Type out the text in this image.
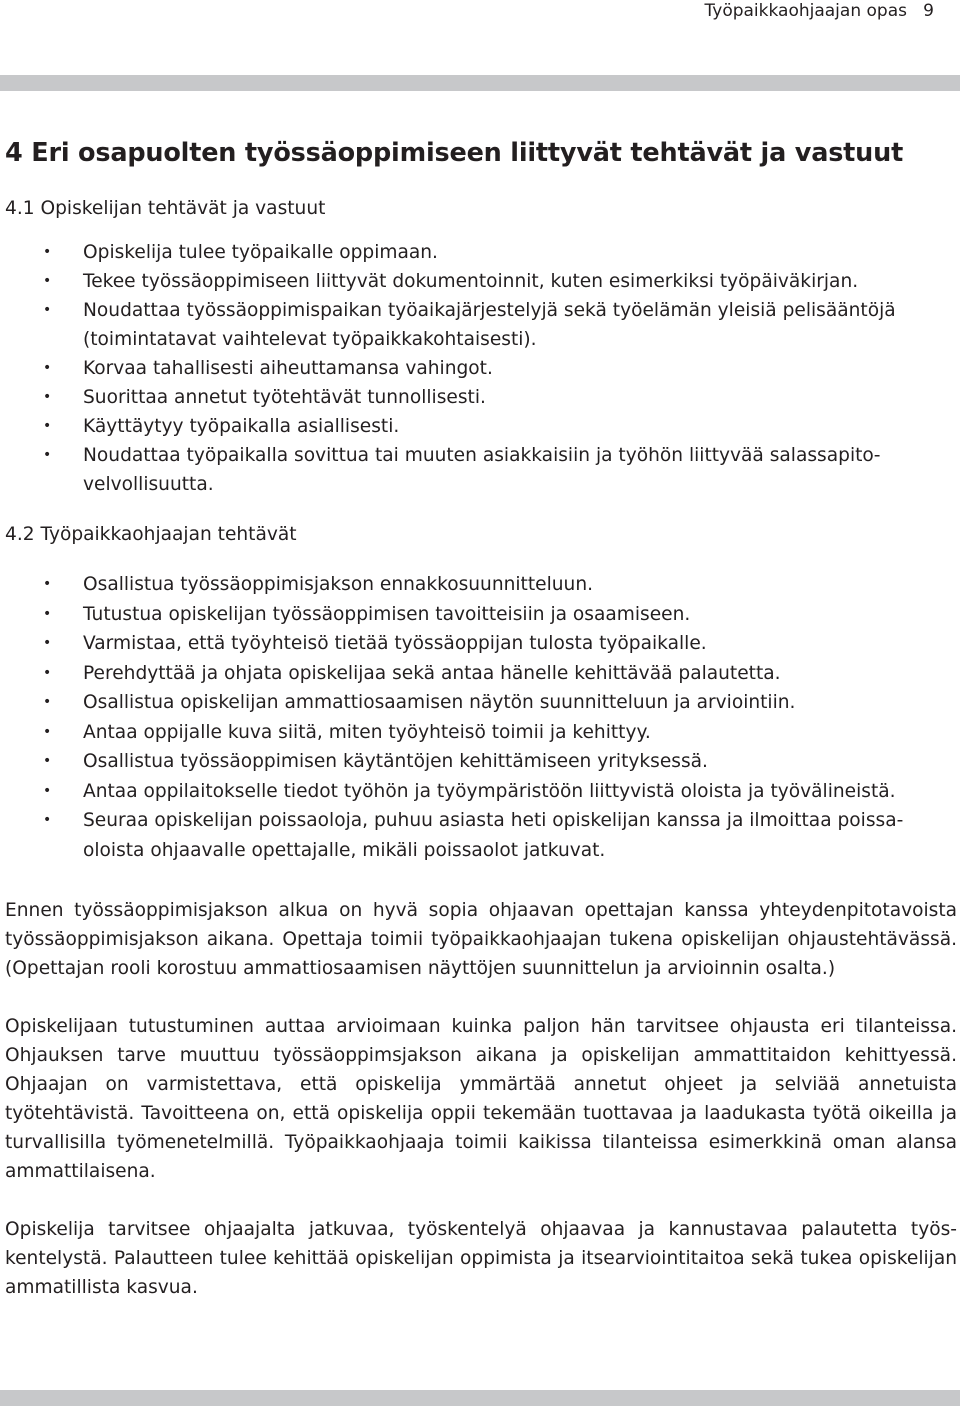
Työpaikkaohjaajan opas   9
4 Eri osapuolten työssäoppimiseen liittyvät tehtävät ja vastuut
4.1 Opiskelijan tehtävät ja vastuut
• Opiskelija tulee työpaikalle oppimaan.
• Tekee työssäoppimiseen liittyvät dokumentoinnit, kuten esimerkiksi työpäiväkirjan.
• Noudattaa työssäoppimispaikan työaikajärjestelyjä sekä työelämän yleisiä pelisääntöjä (toimintatavat vaihtelevat työpaikkakohtaisesti).
• Korvaa tahallisesti aiheuttamansa vahingot.
• Suorittaa annetut työtehtävät tunnollisesti.
• Käyttäytyy työpaikalla asiallisesti.
• Noudattaa työpaikalla sovittua tai muuten asiakkaisiin ja työhön liittyvää salassapitovelvollisuutta.
4.2 Työpaikkaohjaajan tehtävät
• Osallistua työssäoppimisjakson ennakkosuunnitteluun.
• Tutustua opiskelijan työssäoppimisen tavoitteisiin ja osaamiseen.
• Varmistaa, että työyhteisö tietää työssäoppijan tulosta työpaikalle.
• Perehdyttää ja ohjata opiskelijaa sekä antaa hänelle kehittävää palautetta.
• Osallistua opiskelijan ammattiosaamisen näytön suunnitteluun ja arviointiin.
• Antaa oppijalle kuva siitä, miten työyhteisö toimii ja kehittyy.
• Osallistua työssäoppimisen käytäntöjen kehittämiseen yrityksessä.
• Antaa oppilaitokselle tiedot työhön ja työympäristöön liittyvistä oloista ja työvälineistä.
• Seuraa opiskelijan poissaoloja, puhuu asiasta heti opiskelijan kanssa ja ilmoittaa poissaoloista ohjaavalle opettajalle, mikäli poissaolot jatkuvat.

Ennen työssäoppimisjakson alkua on hyvä sopia ohjaavan opettajan kanssa yhteydenpitotavoista työssäoppimisjakson aikana. Opettaja toimii työpaikkaohjaajan tukena opiskelijan ohjaustehtävässä. (Opettajan rooli korostuu ammattiosaamisen näyttöjen suunnittelun ja arvioinnin osalta.)

Opiskelijaan tutustuminen auttaa arvioimaan kuinka paljon hän tarvitsee ohjausta eri tilanteissa. Ohjauksen tarve muuttuu työssäoppimsjakson aikana ja opiskelijan ammattitaidon kehittyessä. Ohjaajan on varmistettava, että opiskelija ymmärtää annetut ohjeet ja selviää annetuista työtehtävistä. Tavoitteena on, että opiskelija oppii tekemään tuottavaa ja laadukasta työtä oikeilla ja turvallisilla työmenetelmillä. Työpaikkaohjaaja toimii kaikissa tilanteissa esimerkkinä oman alansa ammattilaisena.

Opiskelija tarvitsee ohjaajalta jatkuvaa, työskentelyä ohjaavaa ja kannustavaa palautetta työskentelystä. Palautteen tulee kehittää opiskelijan oppimista ja itsearviointitaitoa sekä tukea opiskelijan ammatillista kasvua.
